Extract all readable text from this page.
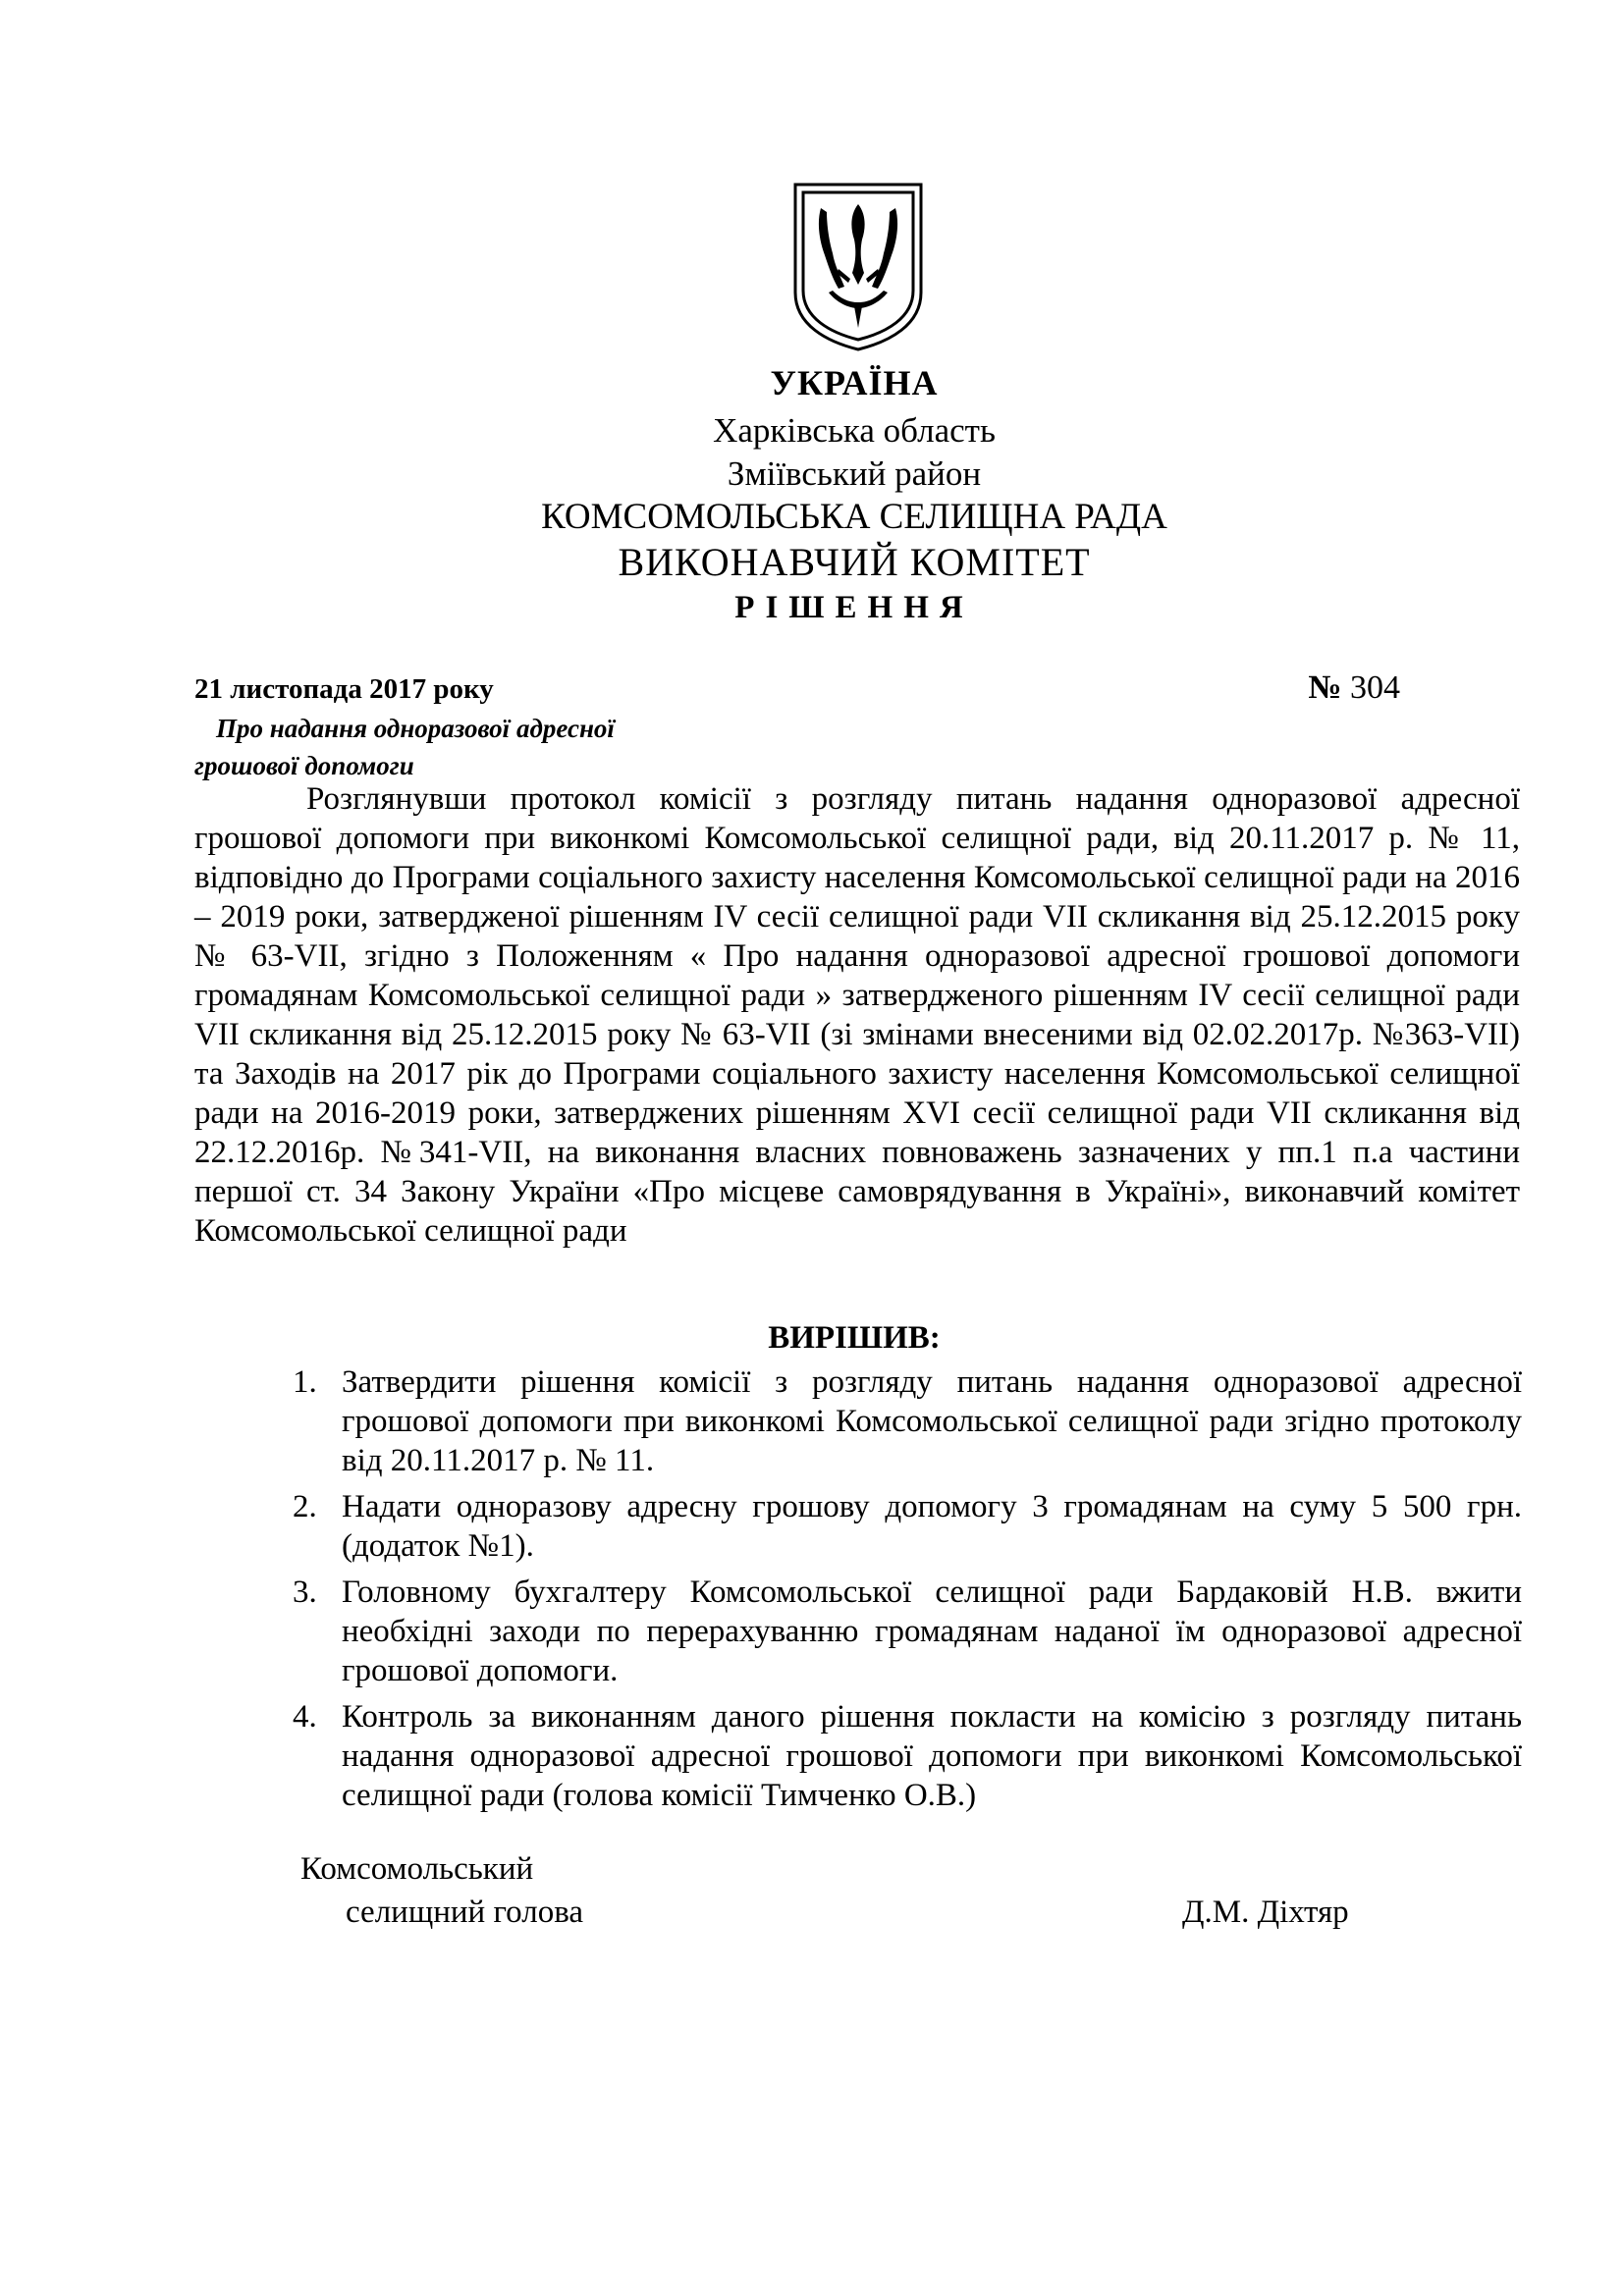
УКРАЇНА
Харківська область
Зміївський район
КОМСОМОЛЬСЬКА СЕЛИЩНА РАДА
ВИКОНАВЧИЙ КОМІТЕТ
РІШЕННЯ
21 листопада 2017 року	№ 304
Про надання одноразової адресної
грошової допомоги
Розглянувши протокол комісії з розгляду питань надання одноразової адресної грошової допомоги при виконкомі Комсомольської селищної ради, від 20.11.2017 р. № 11, відповідно до Програми соціального захисту населення Комсомольської селищної ради на 2016 – 2019 роки, затвердженої рішенням IV сесії селищної ради VII скликання від 25.12.2015 року № 63-VII, згідно з Положенням « Про надання одноразової адресної грошової допомоги громадянам Комсомольської селищної ради » затвердженого рішенням IV сесії селищної ради VII скликання від 25.12.2015 року № 63-VII (зі змінами внесеними від 02.02.2017р. №363-VII) та Заходів на 2017 рік до Програми соціального захисту населення Комсомольської селищної ради на 2016-2019 роки, затверджених рішенням XVI сесії селищної ради VII скликання від 22.12.2016р. №341-VII, на виконання власних повноважень зазначених у пп.1 п.а частини першої ст. 34 Закону України «Про місцеве самоврядування в Україні», виконавчий комітет Комсомольської селищної ради
ВИРІШИВ:
1. Затвердити рішення комісії з розгляду питань надання одноразової адресної грошової допомоги при виконкомі Комсомольської селищної ради згідно протоколу від 20.11.2017 р. № 11.
2. Надати одноразову адресну грошову допомогу 3 громадянам на суму 5 500 грн. (додаток №1).
3. Головному бухгалтеру Комсомольської селищної ради Бардаковій Н.В. вжити необхідні заходи по перерахуванню громадянам наданої їм одноразової адресної грошової допомоги.
4. Контроль за виконанням даного рішення покласти на комісію з розгляду питань надання одноразової адресної грошової допомоги при виконкомі Комсомольської селищної ради (голова комісії Тимченко О.В.)
Комсомольський
селищний голова	Д.М. Діхтяр
